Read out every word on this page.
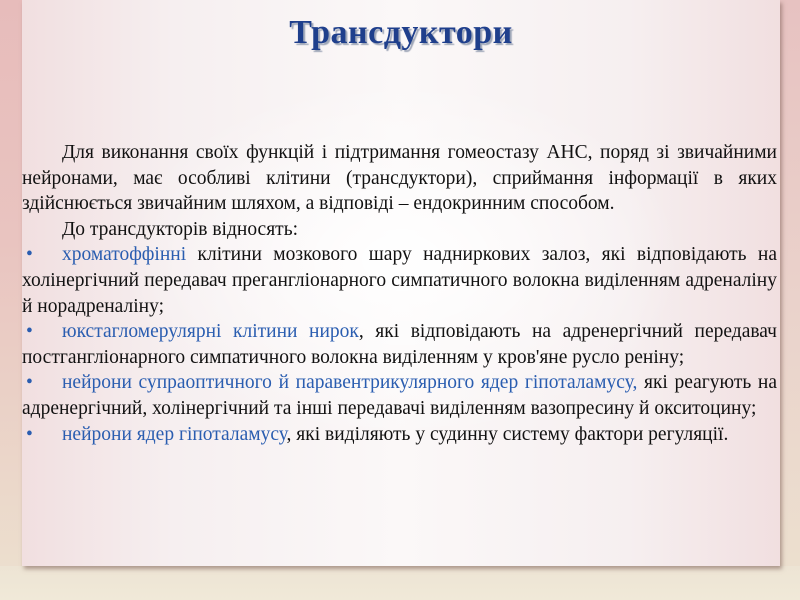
Трансдуктори

Для виконання своїх функцій і підтримання гомеостазу АНС, поряд зі звичайними нейронами, має особливі клітини (трансдуктори), сприймання інформації в яких здійснюється звичайним шляхом, а відповіді – ендокринним способом.

До трансдукторів відносять:

• хроматоффінні клітини мозкового шару надниркових залоз, які відповідають на холінергічний передавач прегангліонарного симпатичного волокна виділенням адреналіну й норадреналіну;

• юкстагломерулярні клітини нирок, які відповідають на адренергічний передавач постгангліонарного симпатичного волокна виділенням у кров'яне русло реніну;

• нейрони супраоптичного й паравентрикулярного ядер гіпоталамусу, які реагують на адренергічний, холінергічний та інші передавачі виділенням вазопресину й окситоцину;

• нейрони ядер гіпоталамусу, які виділяють у судинну систему фактори регуляції.
